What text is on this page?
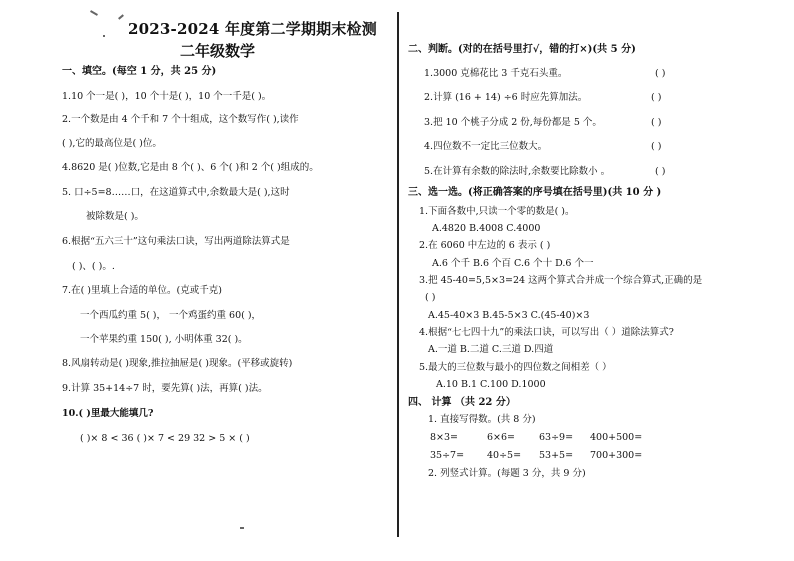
2023-2024 年度第二学期期末检测
二年级数学
一、填空。(每空 1 分，共 25 分)
1.10 个一是( )，10 个十是( )，10 个一千是( )。
2.一个数是由 4 个千和 7 个十组成，这个数写作( ),读作
( ),它的最高位是( )位。
4.8620 是( )位数,它是由 8 个( )、6 个( )和 2 个( )组成的。
5. 口÷5=8……口，在这道算式中,余数最大是( ),这时
被除数是( )。
6.根据“五六三十”这句乘法口诀，写出两道除法算式是
( )、( )。.
7.在( )里填上合适的单位。(克或千克)
一个西瓜约重 5( )， 一个鸡蛋约重 60( )，
一个苹果约重 150( ), 小明体重 32( )。
8.风扇转动是( )现象,推拉抽屉是( )现象。(平移或旋转)
9.计算 35+14÷7 时，要先算( )法，再算( )法。
10.( )里最大能填几?
( )× 8 < 36 ( )× 7 < 29 32 > 5 × ( )
二、判断。(对的在括号里打√，错的打×)(共 5 分)
1.3000 克棉花比 3 千克石头重。	( )
2.计算 (16 + 14) ÷6 时应先算加法。	( )
3.把 10 个桃子分成 2 份,每份都是 5 个。	( )
4.四位数不一定比三位数大。	( )
5.在计算有余数的除法时,余数要比除数小 。	( )
三、选一选。(将正确答案的序号填在括号里)(共 10 分 )
1.下面各数中,只读一个零的数是( )。
A.4820 B.4008 C.4000
2.在 6060 中左边的 6 表示 ( )
A.6 个千 B.6 个百 C.6 个十 D.6 个一
3.把 45-40=5,5×3=24 这两个算式合并成一个综合算式,正确的是
( )
A.45-40×3 B.45-5×3 C.(45-40)×3
4.根据“七七四十九”的乘法口诀，可以写出（ ）道除法算式?
A.一道 B.二道 C.三道 D.四道
5.最大的三位数与最小的四位数之间相差（ ）
A.10 B.1 C.100 D.1000
四、 计算 （共 22 分）
1. 直接写得数。(共 8 分)
8×3=	6×6=	63÷9= 400+500=
35÷7= 40÷5= 53+5= 700+300=
2. 列竖式计算。(每题 3 分，共 9 分)
